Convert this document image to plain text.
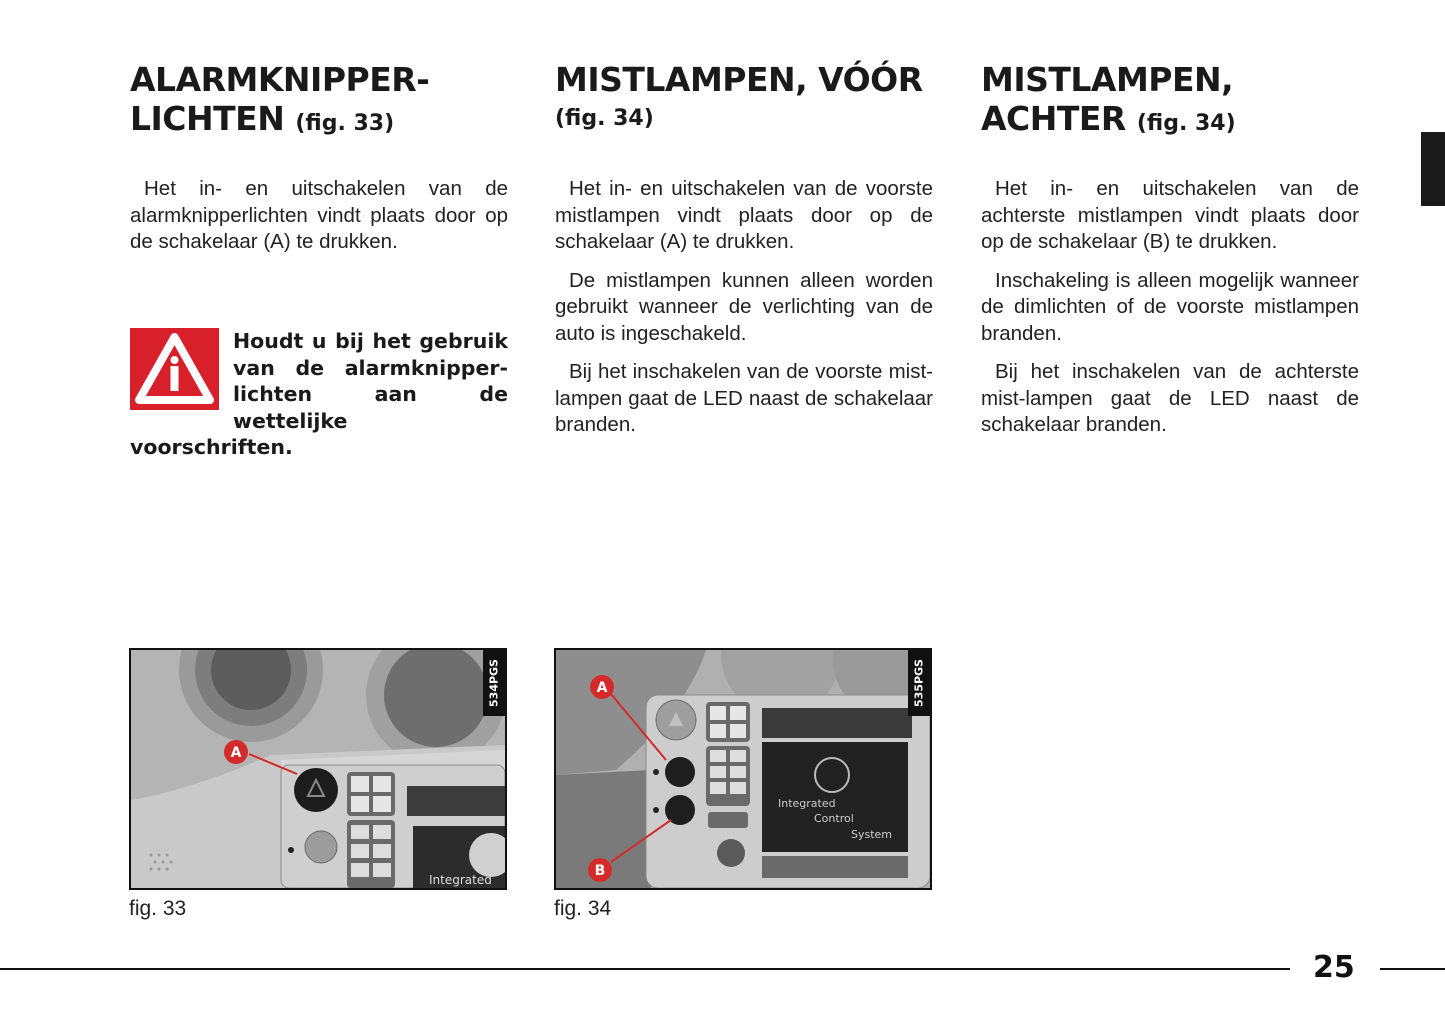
ALARMKNIPPER-
LICHTEN (fig. 33)

Het in- en uitschakelen van de alarmknipperlichten vindt plaats door op de schakelaar (A) te drukken.

Houdt u bij het gebruik van de alarmknipper-lichten aan de wettelijke voorschriften.
MISTLAMPEN, VÓÓR
(fig. 34)

Het in- en uitschakelen van de voorste mistlampen vindt plaats door op de schakelaar (A) te drukken.

De mistlampen kunnen alleen worden gebruikt wanneer de verlichting van de auto is ingeschakeld.

Bij het inschakelen van de voorste mist-lampen gaat de LED naast de schakelaar branden.

MISTLAMPEN,
ACHTER (fig. 34)

Het in- en uitschakelen van de achterste mistlampen vindt plaats door op de schakelaar (B) te drukken.

Inschakeling is alleen mogelijk wanneer de dimlichten of de voorste mistlampen branden.

Bij het inschakelen van de achterste mist-lampen gaat de LED naast de schakelaar branden.

Integrated
A
534PGS
fig. 33
Integrated
Control
System
A
B
535PGS
fig. 34
25
